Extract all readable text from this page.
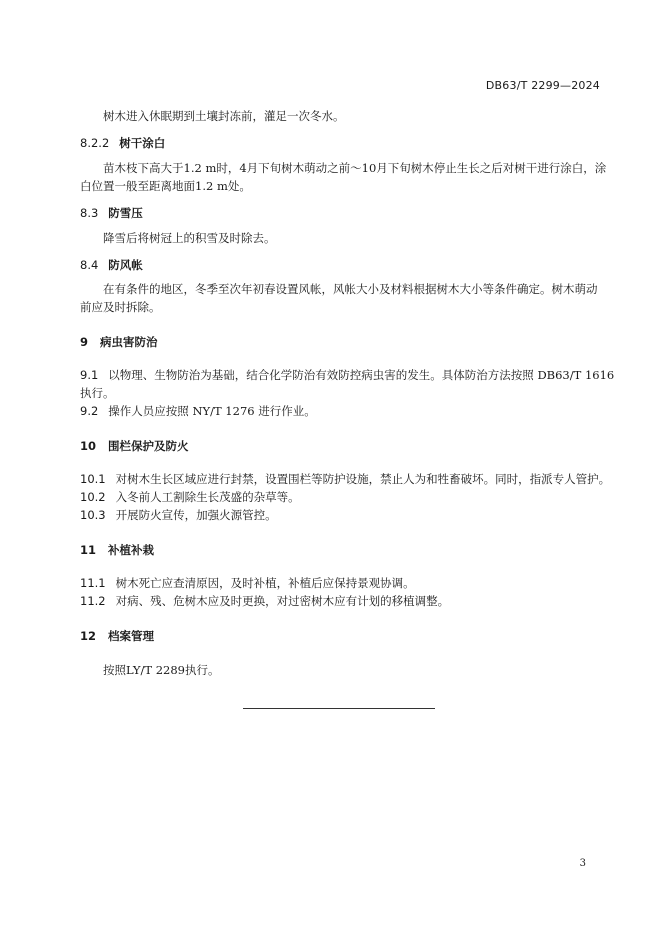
DB63/T 2299—2024
树木进入休眠期到土壤封冻前，灌足一次冬水。
8.2.2 树干涂白
苗木枝下高大于1.2 m时，4月下旬树木萌动之前～10月下旬树木停止生长之后对树干进行涂白，涂
白位置一般至距离地面1.2 m处。
8.3 防雪压
降雪后将树冠上的积雪及时除去。
8.4 防风帐
在有条件的地区，冬季至次年初春设置风帐，风帐大小及材料根据树木大小等条件确定。树木萌动
前应及时拆除。
9 病虫害防治
9.1 以物理、生物防治为基础，结合化学防治有效防控病虫害的发生。具体防治方法按照 DB63/T 1616
执行。
9.2 操作人员应按照 NY/T 1276 进行作业。
10 围栏保护及防火
10.1 对树木生长区域应进行封禁，设置围栏等防护设施，禁止人为和牲畜破坏。同时，指派专人管护。
10.2 入冬前人工割除生长茂盛的杂草等。
10.3 开展防火宣传，加强火源管控。
11 补植补栽
11.1 树木死亡应查清原因，及时补植，补植后应保持景观协调。
11.2 对病、残、危树木应及时更换，对过密树木应有计划的移植调整。
12 档案管理
按照LY/T 2289执行。
3
